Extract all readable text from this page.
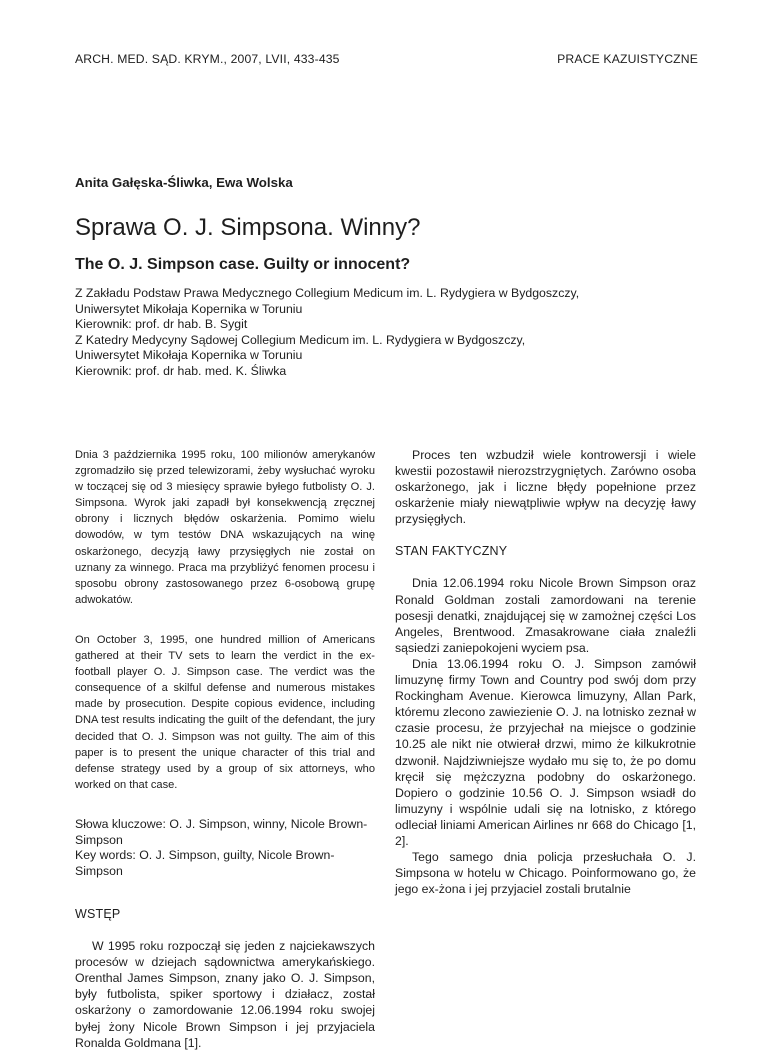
ARCH. MED. SĄD. KRYM., 2007, LVII, 433-435	PRACE KAZUISTYCZNE
Anita Gałęska-Śliwka, Ewa Wolska
Sprawa O. J. Simpsona. Winny?
The O. J. Simpson case. Guilty or innocent?
Z Zakładu Podstaw Prawa Medycznego Collegium Medicum im. L. Rydygiera w Bydgoszczy,
Uniwersytet Mikołaja Kopernika w Toruniu
Kierownik: prof. dr hab. B. Sygit
Z Katedry Medycyny Sądowej Collegium Medicum im. L. Rydygiera w Bydgoszczy,
Uniwersytet Mikołaja Kopernika w Toruniu
Kierownik: prof. dr hab. med. K. Śliwka

Dnia 3 października 1995 roku, 100 milionów amerykanów zgromadziło się przed telewizorami, żeby wysłuchać wyroku w toczącej się od 3 miesięcy sprawie byłego futbolisty O. J. Simpsona. Wyrok jaki zapadł był konsekwencją zręcznej obrony i licznych błędów oskarżenia. Pomimo wielu dowodów, w tym testów DNA wskazujących na winę oskarżonego, decyzją ławy przysięgłych nie został on uznany za winnego. Praca ma przybliżyć fenomen procesu i sposobu obrony zastosowanego przez 6-osobową grupę adwokatów.

On October 3, 1995, one hundred million of Americans gathered at their TV sets to learn the verdict in the ex-football player O. J. Simpson case. The verdict was the consequence of a skilful defense and numerous mistakes made by prosecution. Despite copious evidence, including DNA test results indicating the guilt of the defendant, the jury decided that O. J. Simpson was not guilty. The aim of this paper is to present the unique character of this trial and defense strategy used by a group of six attorneys, who worked on that case.

Słowa kluczowe: O. J. Simpson, winny, Nicole Brown-Simpson
Key words: O. J. Simpson, guilty, Nicole Brown-Simpson

WSTĘP

W 1995 roku rozpoczął się jeden z najciekawszych procesów w dziejach sądownictwa amerykańskiego. Orenthal James Simpson, znany jako O. J. Simpson, były futbolista, spiker sportowy i działacz, został oskarżony o zamordowanie 12.06.1994 roku swojej byłej żony Nicole Brown Simpson i jej przyjaciela Ronalda Goldmana [1].

Proces ten wzbudził wiele kontrowersji i wiele kwestii pozostawił nierozstrzygniętych. Zarówno osoba oskarżonego, jak i liczne błędy popełnione przez oskarżenie miały niewątpliwie wpływ na decyzję ławy przysięgłych.

STAN FAKTYCZNY

Dnia 12.06.1994 roku Nicole Brown Simpson oraz Ronald Goldman zostali zamordowani na terenie posesji denatki, znajdującej się w zamożnej części Los Angeles, Brentwood. Zmasakrowane ciała znaleźli sąsiedzi zaniepokojeni wyciem psa.

Dnia 13.06.1994 roku O. J. Simpson zamówił limuzynę firmy Town and Country pod swój dom przy Rockingham Avenue. Kierowca limuzyny, Allan Park, któremu zlecono zawiezienie O. J. na lotnisko zeznał w czasie procesu, że przyjechał na miejsce o godzinie 10.25 ale nikt nie otwierał drzwi, mimo że kilkukrotnie dzwonił. Najdziwniejsze wydało mu się to, że po domu kręcił się mężczyzna podobny do oskarżonego. Dopiero o godzinie 10.56 O. J. Simpson wsiadł do limuzyny i wspólnie udali się na lotnisko, z którego odleciał liniami American Airlines nr 668 do Chicago [1, 2].

Tego samego dnia policja przesłuchała O. J. Simpsona w hotelu w Chicago. Poinformowano go, że jego ex-żona i jej przyjaciel zostali brutalnie
